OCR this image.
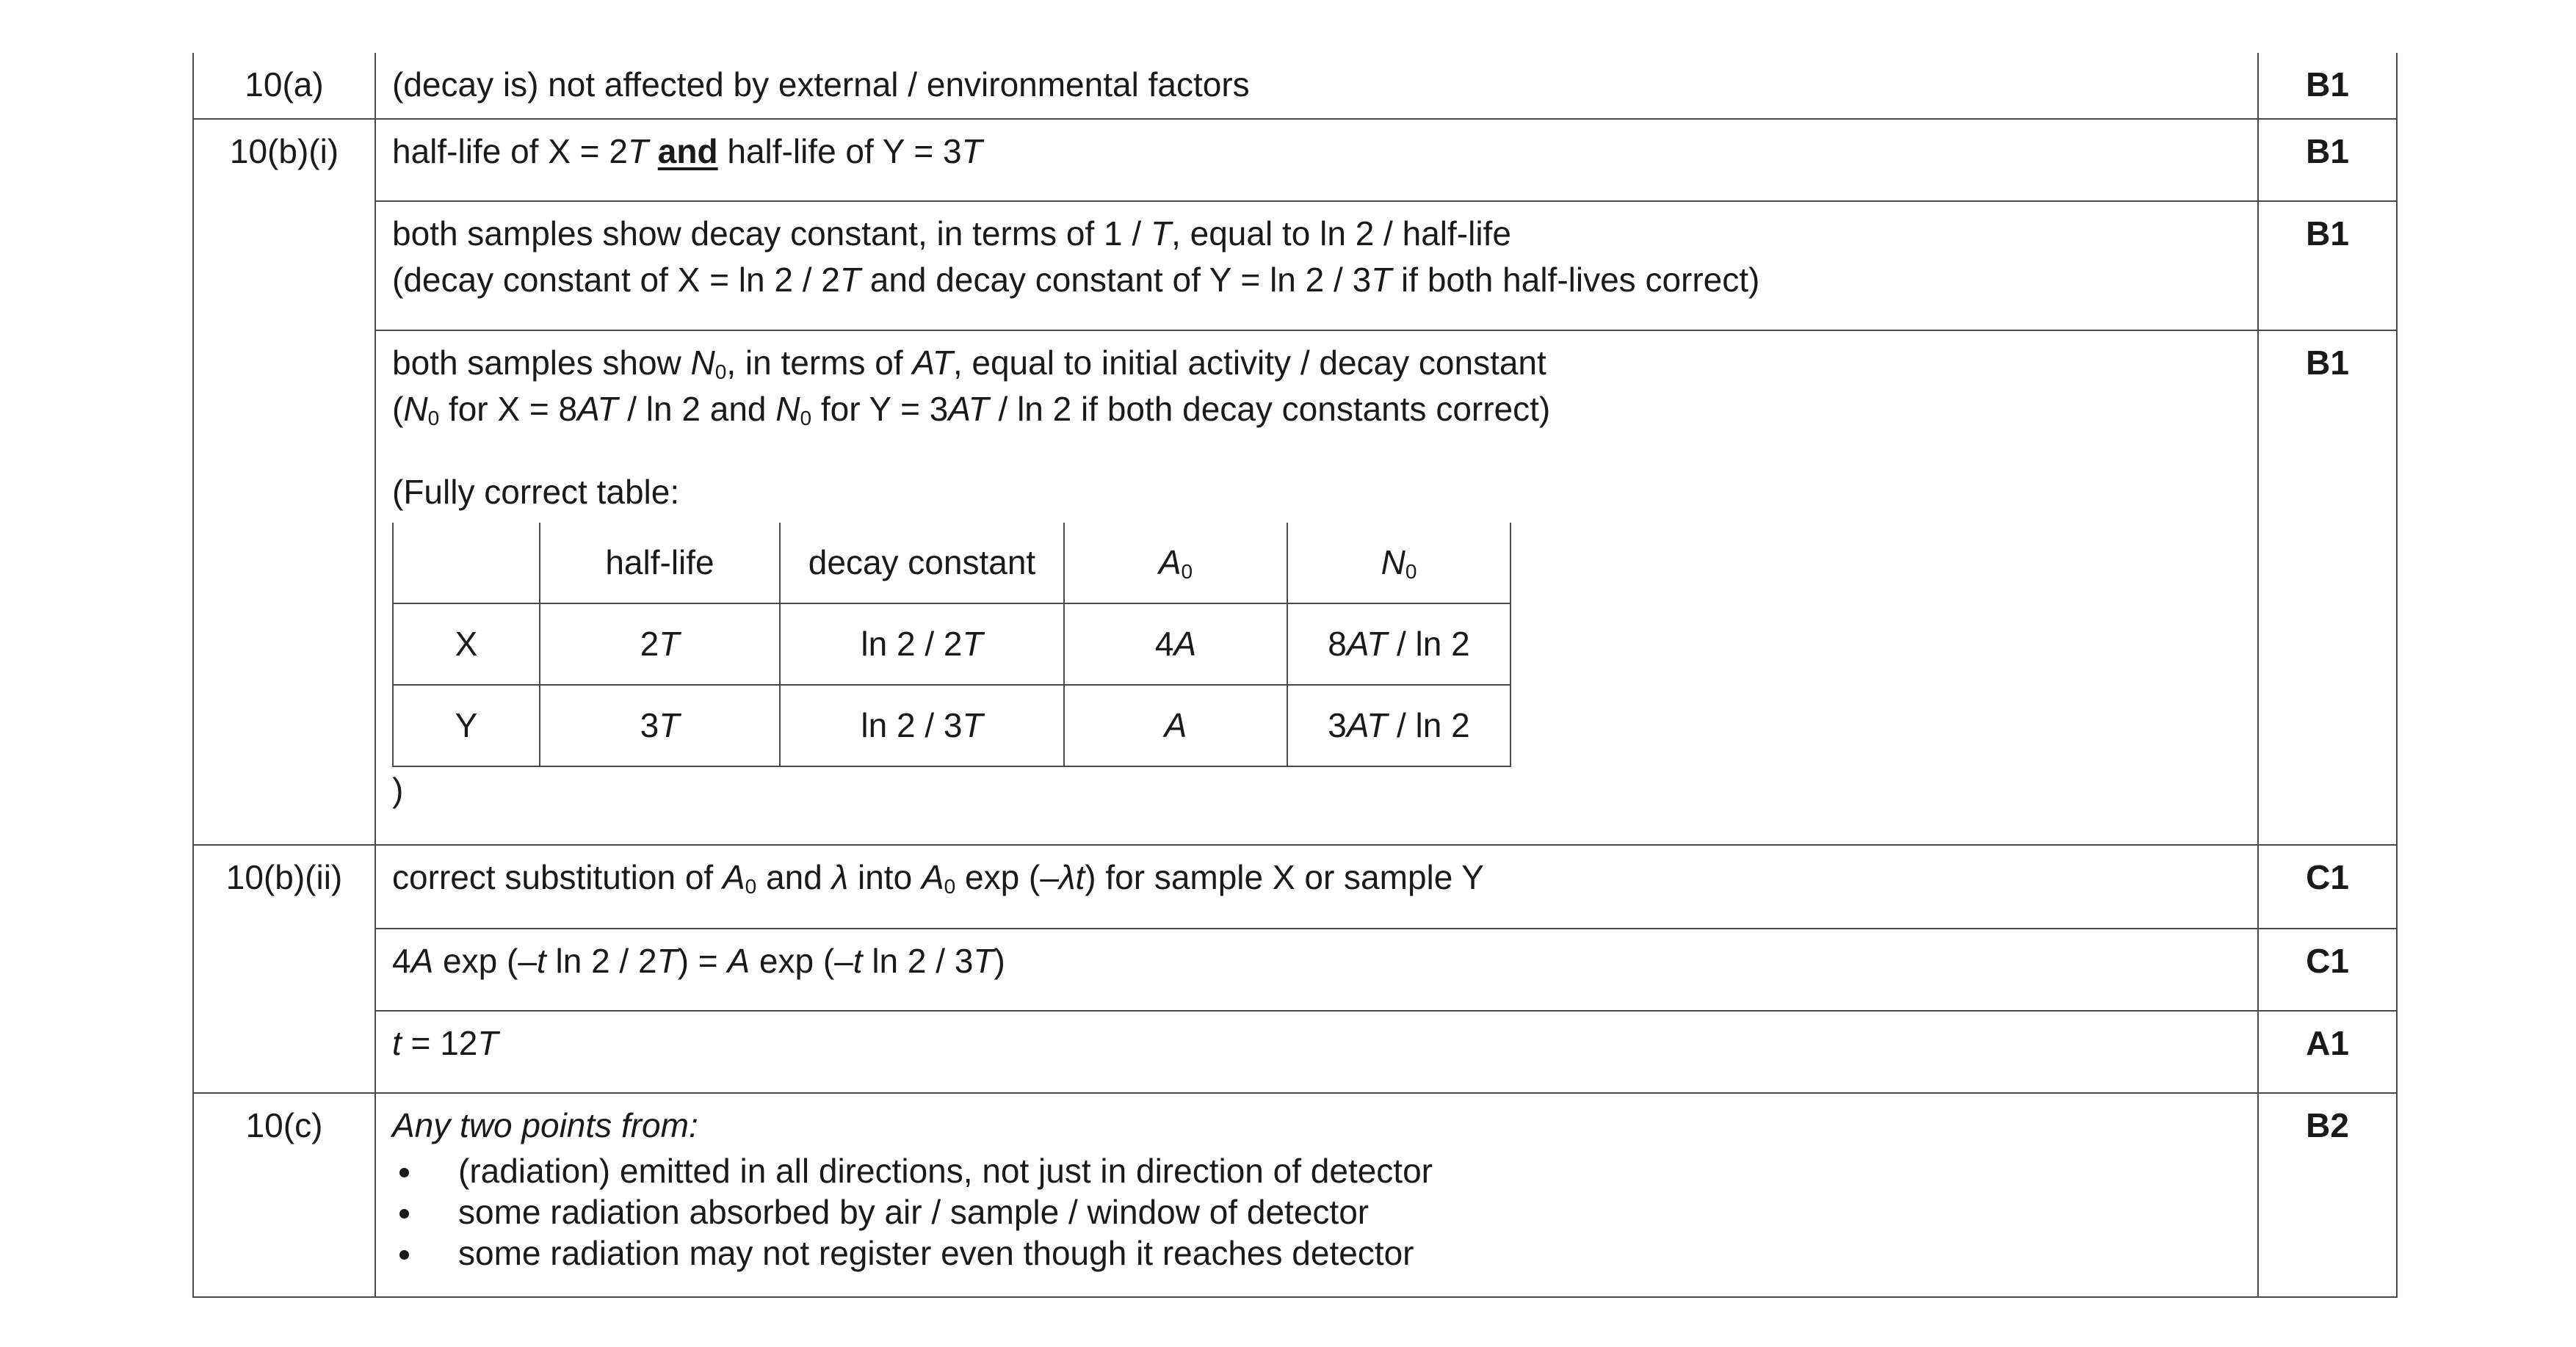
10(a)	(decay is) not affected by external / environmental factors	B1
10(b)(i)	half-life of X = 2T and half-life of Y = 3T	B1

both samples show decay constant, in terms of 1 / T, equal to ln 2 / half-life
(decay constant of X = ln 2 / 2T and decay constant of Y = ln 2 / 3T if both half-lives correct)
	B1

both samples show $N_0$, in terms of AT, equal to initial activity / decay constant
($N_0$ for X = 8AT / ln 2 and $N_0$ for Y = 3AT / ln 2 if both decay constants correct)
(Fully correct table:
	half-life	decay constant	$A_0$	$N_0$
X	2T	ln 2 / 2T	4A	8AT / ln 2
Y	3T	ln 2 / 3T	A	3AT / ln 2
)
	B1
10(b)(ii)	correct substitution of $A_0$ and λ into $A_0$ exp (–λt) for sample X or sample Y	C1
4A exp (–t ln 2 / 2T) = A exp (–t ln 2 / 3T)	C1
t = 12T	A1
10(c)	Any two points from:
(radiation) emitted in all directions, not just in direction of detector
some radiation absorbed by air / sample / window of detector
some radiation may not register even though it reaches detector
	B2
